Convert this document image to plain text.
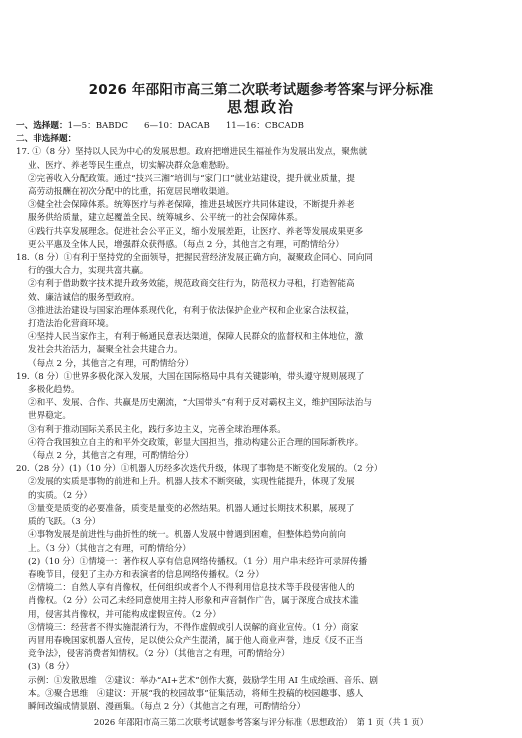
2026 年邵阳市高三第二次联考试题参考答案与评分标准
思想政治
一、选择题：1—5：BABDC 6—10：DACAB 11—16：CBCADB
二、非选择题：
17. ①（8 分）坚持以人民为中心的发展思想。政府把增进民生福祉作为发展出发点，聚焦就
业、医疗、养老等民生重点，切实解决群众急难愁盼。
②完善收入分配政策。通过“技兴三湘”培训与“家门口”就业站建设，提升就业质量，提
高劳动报酬在初次分配中的比重，拓宽居民增收渠道。
③健全社会保障体系。统筹医疗与养老保障，推进县域医疗共同体建设，不断提升养老
服务供给质量，建立起覆盖全民、统筹城乡、公平统一的社会保障体系。
④践行共享发展理念。促进社会公平正义，缩小发展差距，让医疗、养老等发展成果更多
更公平惠及全体人民，增强群众获得感。（每点 2 分，其他言之有理，可酌情给分）
18.（8 分）①有利于坚持党的全面领导，把握民营经济发展正确方向，凝聚政企同心、同向同
行的强大合力，实现共富共赢。
②有利于借助数字技术提升政务效能，规范政商交往行为，防范权力寻租，打造智能高
效、廉洁诚信的服务型政府。
③推进法治建设与国家治理体系现代化，有利于依法保护企业产权和企业家合法权益，
打造法治化营商环境。
④坚持人民当家作主，有利于畅通民意表达渠道，保障人民群众的监督权和主体地位，激
发社会共治活力，凝聚全社会共建合力。
（每点 2 分，其他言之有理，可酌情给分）
19.（8 分）①世界多极化深入发展，大国在国际格局中具有关键影响，带头遵守规则展现了
多极化趋势。
②和平、发展、合作、共赢是历史潮流，“大国带头”有利于反对霸权主义，维护国际法治与
世界稳定。
③有利于推动国际关系民主化，践行多边主义，完善全球治理体系。
④符合我国独立自主的和平外交政策，彰显大国担当，推动构建公正合理的国际新秩序。
（每点 2 分，其他言之有理，可酌情给分）
20.（28 分）(1)（10 分）①机器人历经多次迭代升级，体现了事物是不断变化发展的。（2 分）
②发展的实质是事物的前进和上升。机器人技术不断突破，实现性能提升，体现了发展
的实质。（2 分）
③量变是质变的必要准备，质变是量变的必然结果。机器人通过长期技术积累，展现了
质的飞跃。（3 分）
④事物发展是前进性与曲折性的统一。机器人发展中曾遇到困难，但整体趋势向前向
上。（3 分）（其他言之有理，可酌情给分）
(2)（10 分）①情境一：著作权人享有信息网络传播权。（1 分）用户串未经许可录屏传播
春晚节目，侵犯了主办方和表演者的信息网络传播权。（2 分）
②情境二：自然人享有肖像权，任何组织或者个人不得利用信息技术等手段侵害他人的
肖像权。（2 分）公司乙未经同意使用主持人形象和声音制作广告，属于深度合成技术滥
用，侵害其肖像权，并可能构成虚假宣传。（2 分）
③情境三：经营者不得实施混淆行为，不得作虚假或引人误解的商业宣传。（1 分）商家
丙冒用春晚国家机器人宣传，足以使公众产生混淆，属于他人商业声誉，违反《反不正当
竞争法》，侵害消费者知情权。（2 分）（其他言之有理，可酌情给分）
(3)（8 分）
示例：①发散思维　②建议：举办“AI+艺术”创作大赛，鼓励学生用 AI 生成绘画、音乐、剧
本。③聚合思维　④建议：开展“我的校园故事”征集活动，将师生投稿的校园趣事、感人
瞬间改编成情景剧、漫画集。（每点 2 分）（其他言之有理，可酌情给分）
2026 年邵阳市高三第二次联考试题参考答案与评分标准（思想政治）　第 1 页（共 1 页）
